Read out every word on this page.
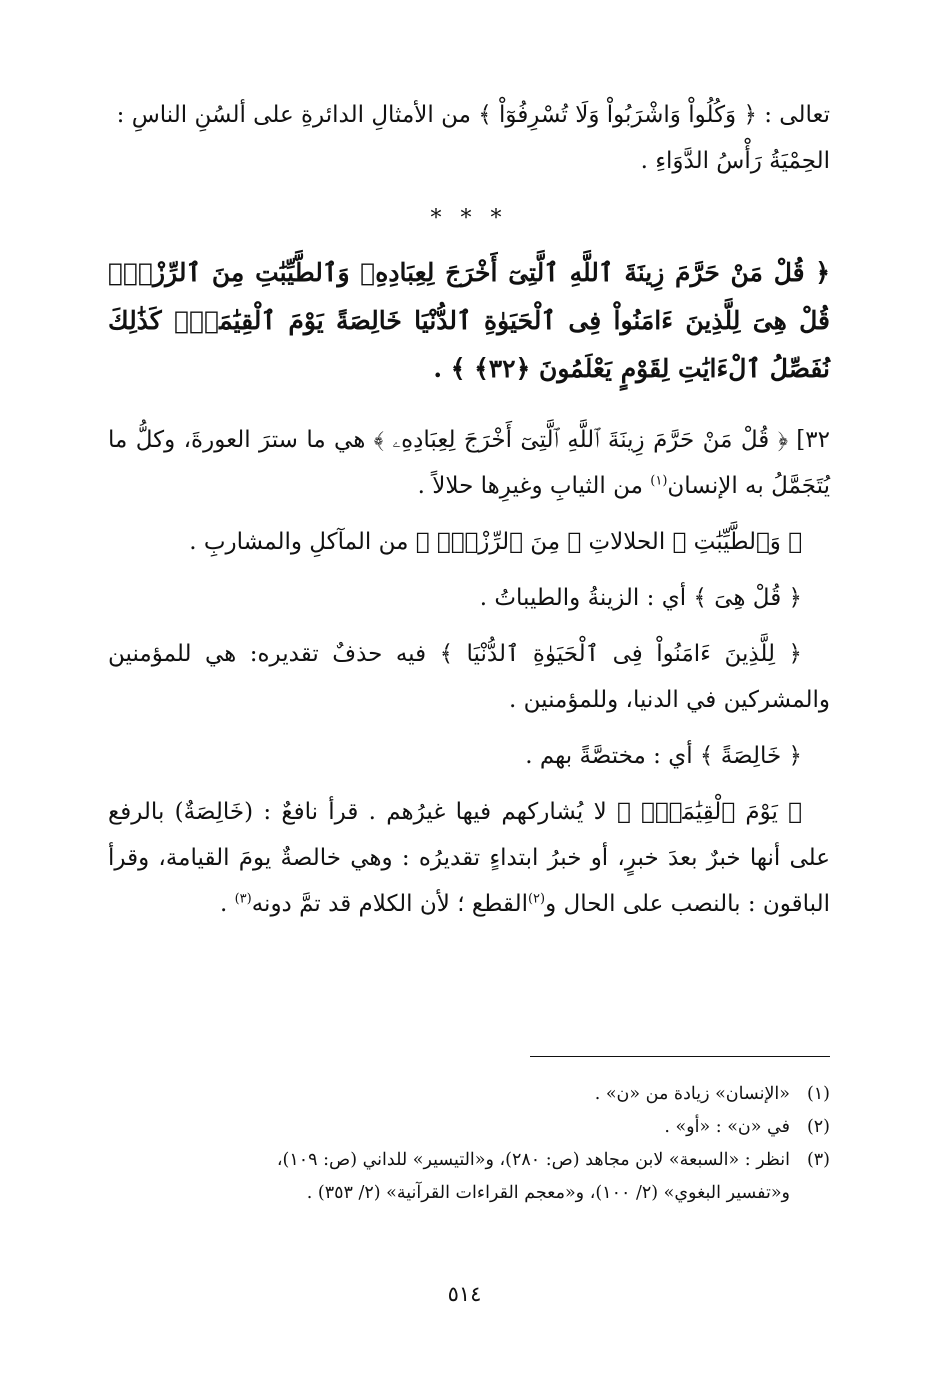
تعالى : ﴿ وَكُلُواْ وَاشْرَبُواْ وَلَا تُسْرِفُوٓاْ ﴾ من الأمثالِ الدائرةِ على ألسُنِ الناسِ :
الحِمْيَةُ رَأْسُ الدَّوَاءِ .

* * *

﴿ قُلْ مَنْ حَرَّمَ زِينَةَ ٱللَّهِ ٱلَّتِىٓ أَخْرَجَ لِعِبَادِهِۦ وَٱلطَّيِّبَٰتِ مِنَ ٱلرِّزْقِۚ قُلْ هِىَ لِلَّذِينَ ءَامَنُواْ فِى ٱلْحَيَوٰةِ ٱلدُّنْيَا خَالِصَةً يَوْمَ ٱلْقِيَٰمَةِۗ كَذَٰلِكَ نُفَصِّلُ ٱلْءَايَٰتِ لِقَوْمٍ يَعْلَمُونَ ﴿٣٢﴾ ﴾ .

٣٢] ﴿ قُلْ مَنْ حَرَّمَ زِينَةَ ٱللَّهِ ٱلَّتِىٓ أَخْرَجَ لِعِبَادِهِۦ ﴾ هي ما سترَ العورةَ، وكلُّ ما يُتَجَمَّلُ به الإنسان$^{(١)}$ من الثيابِ وغيرِها حلالاً .

﴿ وَٱلطَّيِّبَٰتِ ﴾ الحلالاتِ ﴿ مِنَ ٱلرِّزْقِۚ ﴾ من المآكلِ والمشاربِ .

﴿ قُلْ هِىَ ﴾ أي : الزينةُ والطيباتُ .

﴿ لِلَّذِينَ ءَامَنُواْ فِى ٱلْحَيَوٰةِ ٱلدُّنْيَا ﴾ فيه حذفٌ تقديره: هي للمؤمنين والمشركين في الدنيا، وللمؤمنين .

﴿ خَالِصَةً ﴾ أي : مختصَّةً بهم .

﴿ يَوْمَ ٱلْقِيَٰمَةِۗ ﴾ لا يُشاركهم فيها غيرُهم . قرأ نافعٌ : (خَالِصَةٌ) بالرفع على أنها خبرٌ بعدَ خبرٍ، أو خبرُ ابتداءٍ تقديرُه : وهي خالصةٌ يومَ القيامة، وقرأ الباقون : بالنصب على الحال و$^{(٢)}$القطع ؛ لأن الكلام قد تمَّ دونه$^{(٣)}$ .

(١)«الإنسان» زيادة من «ن» .
(٢)في «ن» : «أو» .
(٣)انظر : «السبعة» لابن مجاهد (ص: ٢٨٠)، و«التيسير» للداني (ص: ١٠٩)،
و«تفسير البغوي» (٢/ ١٠٠)، و«معجم القراءات القرآنية» (٢/ ٣٥٣) .
٥١٤
